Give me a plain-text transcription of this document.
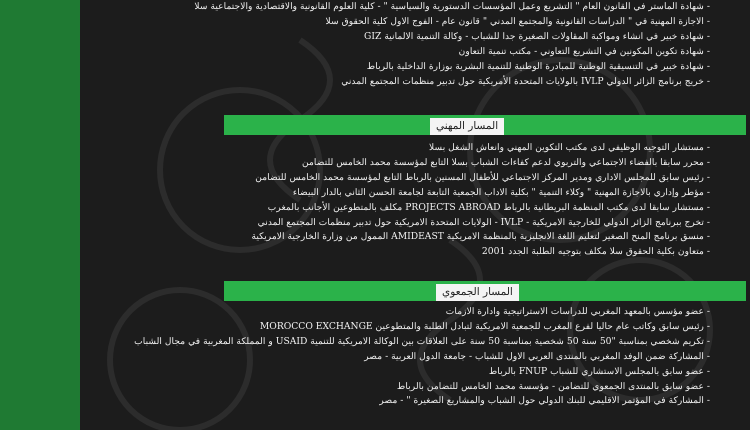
- شهادة الماستر في القانون العام " التشريع وعمل المؤسسات الدستورية والسياسية " - كلية العلوم القانونية والاقتصادية والاجتماعية سلا
- الاجازة المهنية في " الدراسات القانونية والمجتمع المدني " قانون عام - الفوج الاول كلية الحقوق سلا
- شهادة خبير في انشاء ومواكبة المقاولات الصغيرة جدا للشباب - وكالة التنمية الالمانية GIZ
- شهادة تكوين المكونين في التشريع التعاوني - مكتب تنمية التعاون
- شهادة خبير في التنسيقية الوطنية للمبادرة الوطنية للتنمية البشرية بوزارة الداخلية بالرباط
- خريج برنامج الزائر الدولي IVLP بالولايات المتحدة الأمريكية حول تدبير منظمات المجتمع المدني
المسار المهني
- مستشار التوجيه الوظيفي لدى مكتب التكوين المهني وانعاش الشغل بسلا
- محرر سابقا بالفضاء الاجتماعي والتربوي لدعم كفاءات الشباب بسلا التابع لمؤسسة محمد الخامس للتضامن
- رئيس سابق للمجلس الاداري ومدير المركز الاجتماعي للأطفال المسنين بالرباط التابع لمؤسسة محمد الخامس للتضامن
- مؤطر وإداري بالاجازة المهنية " وكلاء التنمية " بكلية الاداب الجمعية التابعة لجامعة الحسن الثاني بالدار البيضاء
- مستشار سابقا لدى مكتب المنظمة البريطانية بالرباط PROJECTS ABROAD مكلف بالمتطوعين الأجانب بالمغرب
- تخرج ببرنامج الزائر الدولي للخارجية الامريكية - IVLP - الولايات المتحدة الامريكية حول تدبير منظمات المجتمع المدني
- منسق برنامج المنح الصغير لتعليم اللغة الانجليزية بالمنظمة الامريكية AMIDEAST الممول من وزارة الخارجية الامريكية
- متعاون بكلية الحقوق سلا مكلف بتوجيه الطلبة الجدد 2001
المسار الجمعوي
- عضو مؤسس بالمعهد المغربي للدراسات الاستراتيجية وادارة الازمات
- رئيس سابق وكاتب عام حاليا لفرع المغرب للجمعية الامريكية لتبادل الطلبة والمتطوعين MOROCCO EXCHANGE
- تكريم شخصي بمناسبة "50 سنة 50 شخصية بمناسبة 50 سنة على العلاقات بين الوكالة الامريكية للتنمية USAID و المملكة المغربية في مجال الشباب
- المشاركة ضمن الوفد المغربي بالمنتدى العربي الاول للشباب - جامعة الدول العربية - مصر
- عضو سابق بالمجلس الاستشاري للشباب FNUP بالرباط
- عضو سابق بالمنتدى الجمعوي للتضامن - مؤسسة محمد الخامس للتضامن بالرباط
- المشاركة في المؤتمر الاقليمي للبنك الدولي حول الشباب والمشاريع الصغيرة " - مصر
